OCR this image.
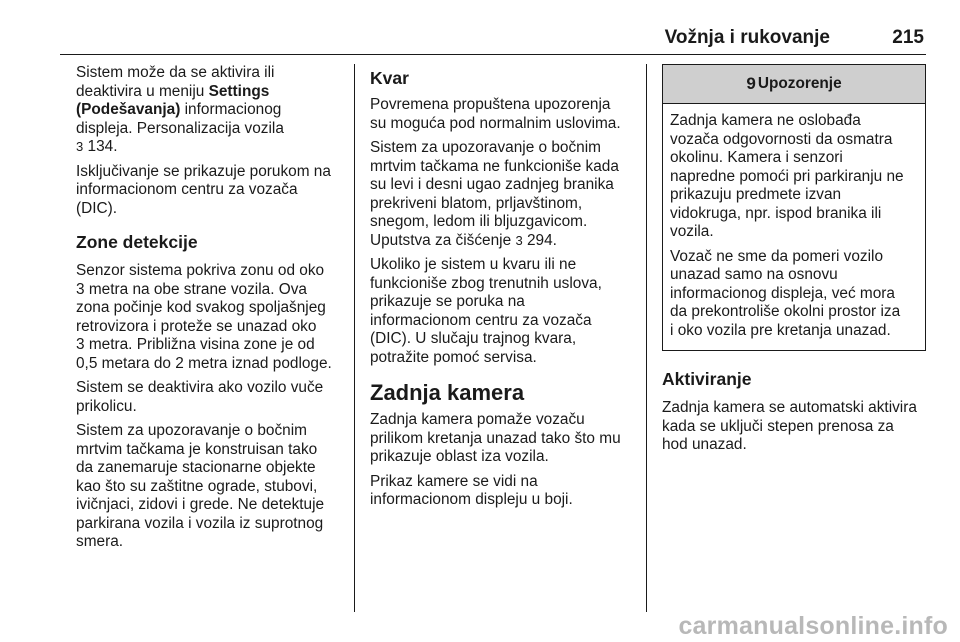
Vožnja i rukovanje	215

Sistem može da se aktivira ili
deaktivira u meniju Settings
(Podešavanja) informacionog
displeja. Personalizacija vozila
3 134.

Isključivanje se prikazuje porukom na
informacionom centru za vozača
(DIC).

Zone detekcije

Senzor sistema pokriva zonu od oko
3 metra na obe strane vozila. Ova
zona počinje kod svakog spoljašnjeg
retrovizora i proteže se unazad oko
3 metra. Približna visina zone je od
0,5 metara do 2 metra iznad podloge.

Sistem se deaktivira ako vozilo vuče
prikolicu.

Sistem za upozoravanje o bočnim
mrtvim tačkama je konstruisan tako
da zanemaruje stacionarne objekte
kao što su zaštitne ograde, stubovi,
ivičnjaci, zidovi i grede. Ne detektuje
parkirana vozila i vozila iz suprotnog
smera.

Kvar

Povremena propuštena upozorenja
su moguća pod normalnim uslovima.

Sistem za upozoravanje o bočnim
mrtvim tačkama ne funkcioniše kada
su levi i desni ugao zadnjeg branika
prekriveni blatom, prljavštinom,
snegom, ledom ili bljuzgavicom.
Uputstva za čišćenje 3 294.

Ukoliko je sistem u kvaru ili ne
funkcioniše zbog trenutnih uslova,
prikazuje se poruka na
informacionom centru za vozača
(DIC). U slučaju trajnog kvara,
potražite pomoć servisa.

Zadnja kamera

Zadnja kamera pomaže vozaču
prilikom kretanja unazad tako što mu
prikazuje oblast iza vozila.

Prikaz kamere se vidi na
informacionom displeju u boji.

9 Upozorenje

Zadnja kamera ne oslobađa
vozača odgovornosti da osmatra
okolinu. Kamera i senzori
napredne pomoći pri parkiranju ne
prikazuju predmete izvan
vidokruga, npr. ispod branika ili
vozila.

Vozač ne sme da pomeri vozilo
unazad samo na osnovu
informacionog displeja, već mora
da prekontroliše okolni prostor iza
i oko vozila pre kretanja unazad.

Aktiviranje

Zadnja kamera se automatski aktivira
kada se uključi stepen prenosa za
hod unazad.

carmanualsonline.info
